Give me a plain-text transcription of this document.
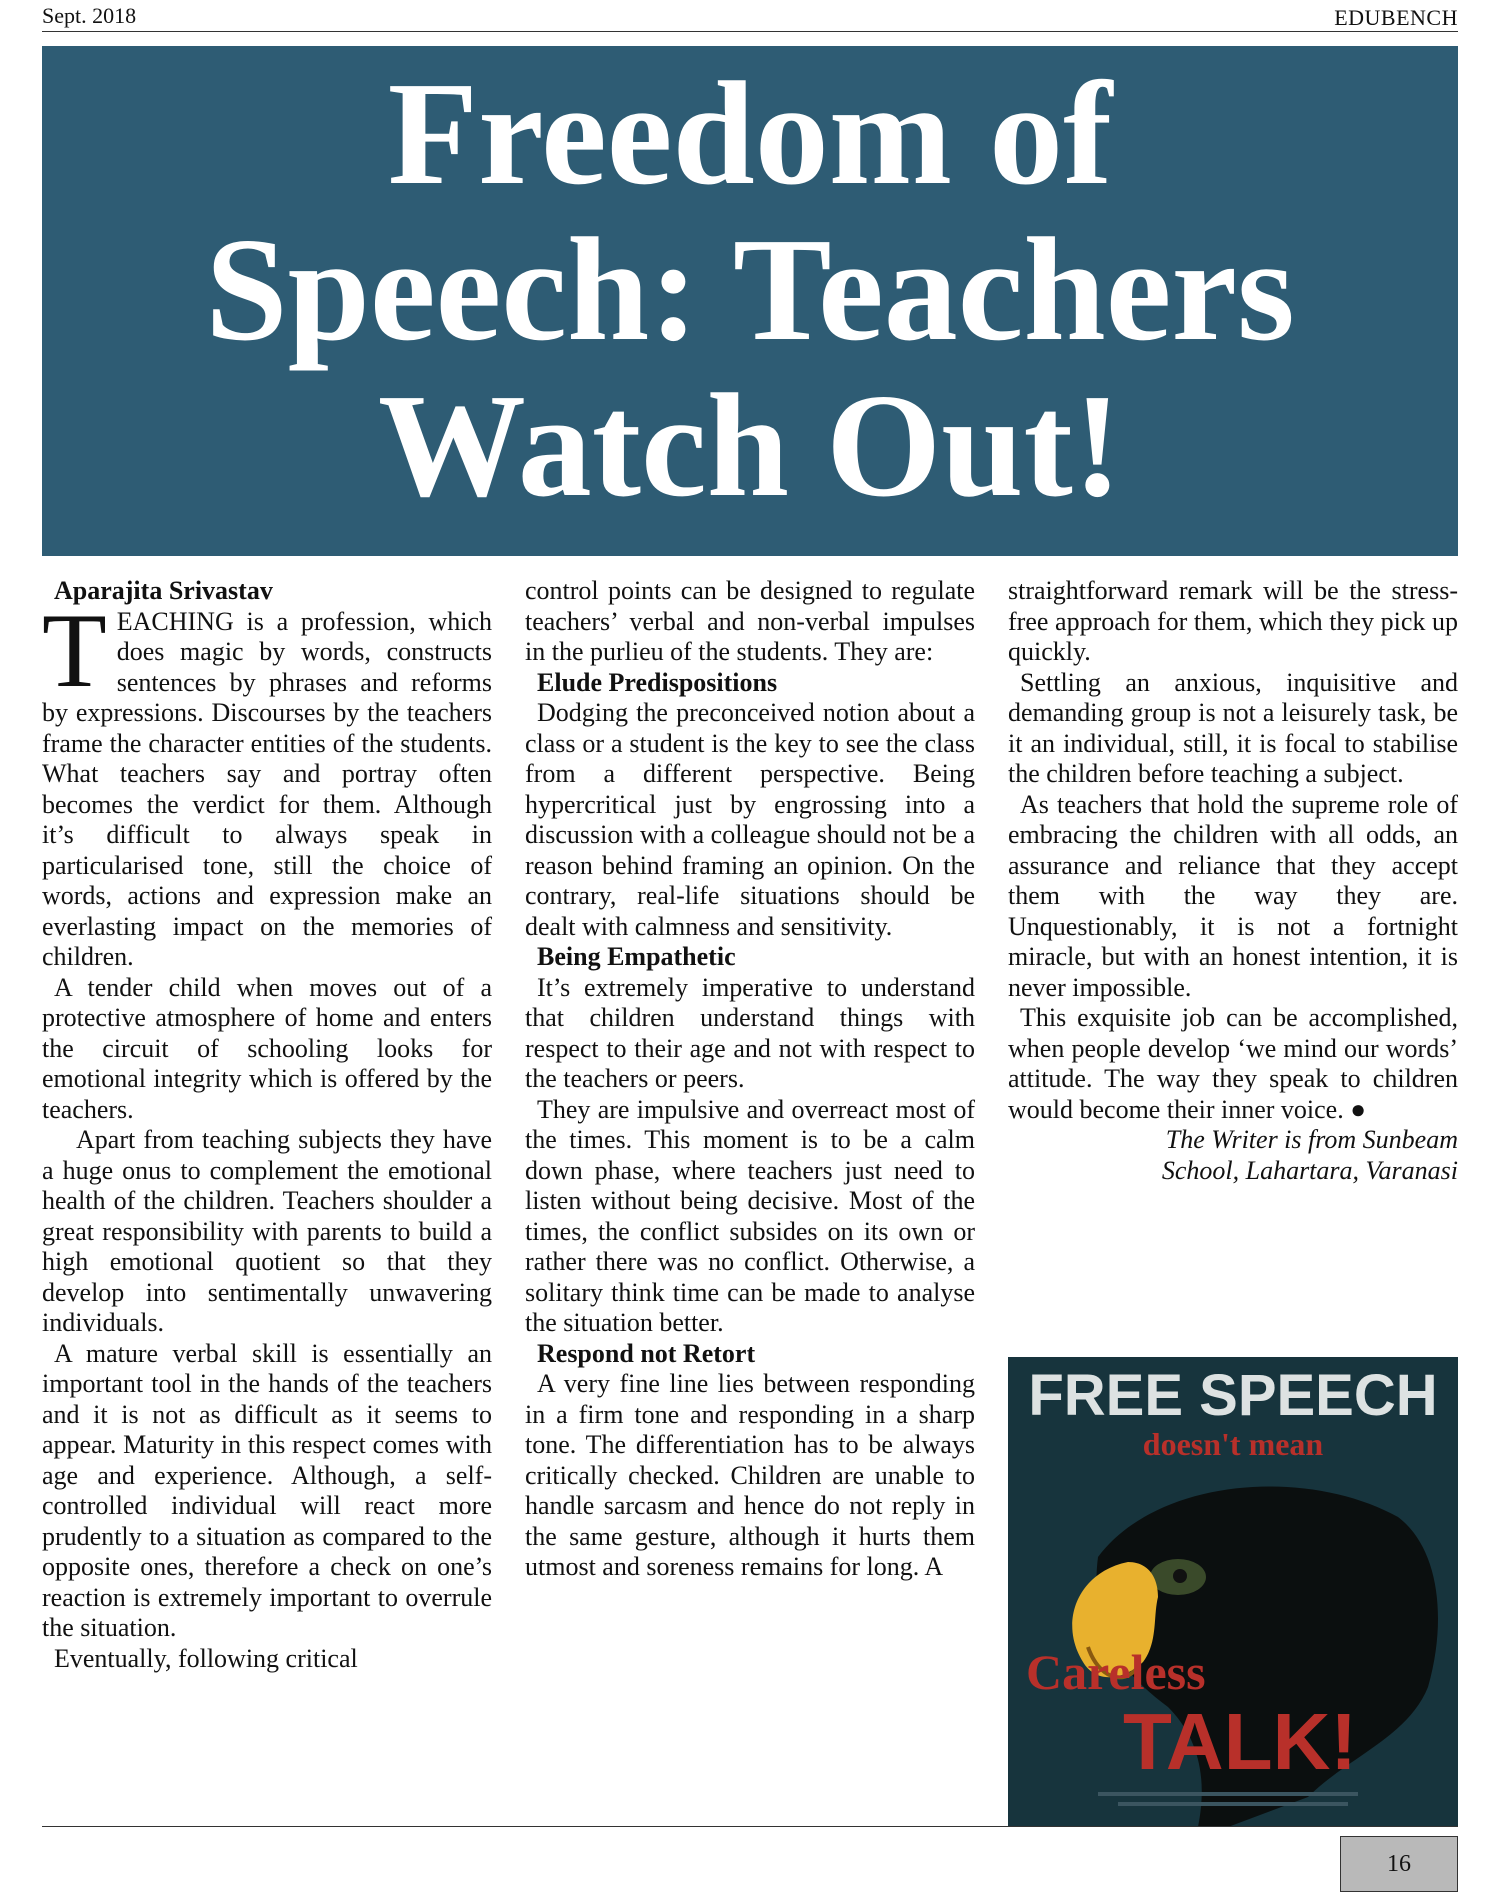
Sept. 2018	EDUBENCH
Freedom of
Speech: Teachers
Watch Out!

Aparajita Srivastav

TEACHING is a profession, which does magic by words, constructs sentences by phrases and reforms by expressions. Discourses by the teachers frame the character entities of the students. What teachers say and portray often becomes the verdict for them. Although it’s difficult to always speak in particularised tone, still the choice of words, actions and expression make an everlasting impact on the memories of children.

A tender child when moves out of a protective atmosphere of home and enters the circuit of schooling looks for emotional integrity which is offered by the teachers.

Apart from teaching subjects they have a huge onus to complement the emotional health of the children. Teachers shoulder a great responsibility with parents to build a high emotional quotient so that they develop into sentimentally unwavering individuals.

A mature verbal skill is essentially an important tool in the hands of the teachers and it is not as difficult as it seems to appear. Maturity in this respect comes with age and experience. Although, a self-controlled individual will react more prudently to a situation as compared to the opposite ones, therefore a check on one’s reaction is extremely important to overrule the situation.

Eventually, following critical

control points can be designed to regulate teachers’ verbal and non-verbal impulses in the purlieu of the students. They are:

Elude Predispositions

Dodging the preconceived notion about a class or a student is the key to see the class from a different perspective. Being hypercritical just by engrossing into a discussion with a colleague should not be a reason behind framing an opinion. On the contrary, real-life situations should be dealt with calmness and sensitivity.

Being Empathetic

It’s extremely imperative to understand that children understand things with respect to their age and not with respect to the teachers or peers.

They are impulsive and overreact most of the times. This moment is to be a calm down phase, where teachers just need to listen without being decisive. Most of the times, the conflict subsides on its own or rather there was no conflict. Otherwise, a solitary think time can be made to analyse the situation better.

Respond not Retort

A very fine line lies between responding in a firm tone and responding in a sharp tone. The differentiation has to be always critically checked. Children are unable to handle sarcasm and hence do not reply in the same gesture, although it hurts them utmost and soreness remains for long. A

straightforward remark will be the stress-free approach for them, which they pick up quickly.

Settling an anxious, inquisitive and demanding group is not a leisurely task, be it an individual, still, it is focal to stabilise the children before teaching a subject.

As teachers that hold the supreme role of embracing the children with all odds, an assurance and reliance that they accept them with the way they are. Unquestionably, it is not a fortnight miracle, but with an honest intention, it is never impossible.

This exquisite job can be accomplished, when people develop ‘we mind our words’ attitude. The way they speak to children would become their inner voice. ●

The Writer is from Sunbeam

School, Lahartara, Varanasi

FREE SPEECH
doesn't mean
Careless
TALK!
16
